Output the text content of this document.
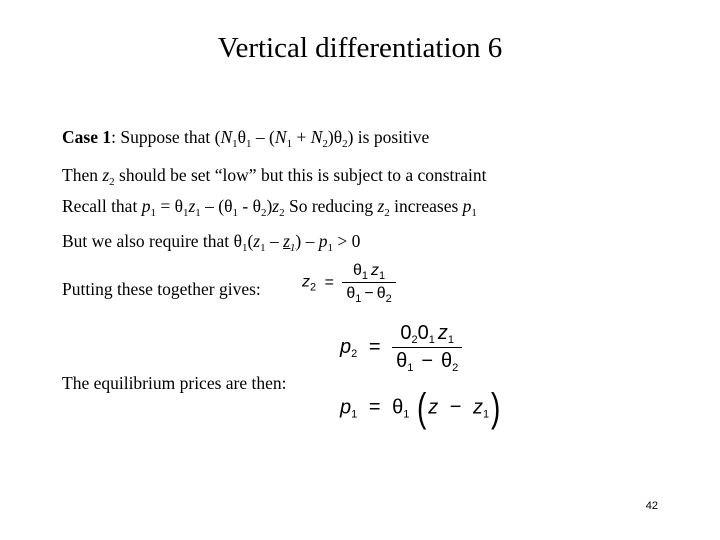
Vertical differentiation 6
Case 1: Suppose that $(N_1\theta_1 - (N_1 + N_2)\theta_2)$ is positive
Then $z_2$ should be set “low” but this is subject to a constraint
Recall that $p_1 = \theta_1z_1 - (\theta_1 - \theta_2)z_2$ So reducing $z_2$ increases $p_1$
But we also require that $\theta_1(z_1 - z_1) - p_1 > 0$
Putting these together gives:	$z_2 = \frac{\theta_1 z_1}{\theta_1 - \theta_2}$
$p_2 = \frac{0_20_1 z_1}{\theta_1 - \theta_2}$
The equilibrium prices are then:
$p_1 = \theta_1$ $(z - z_1)$
42
